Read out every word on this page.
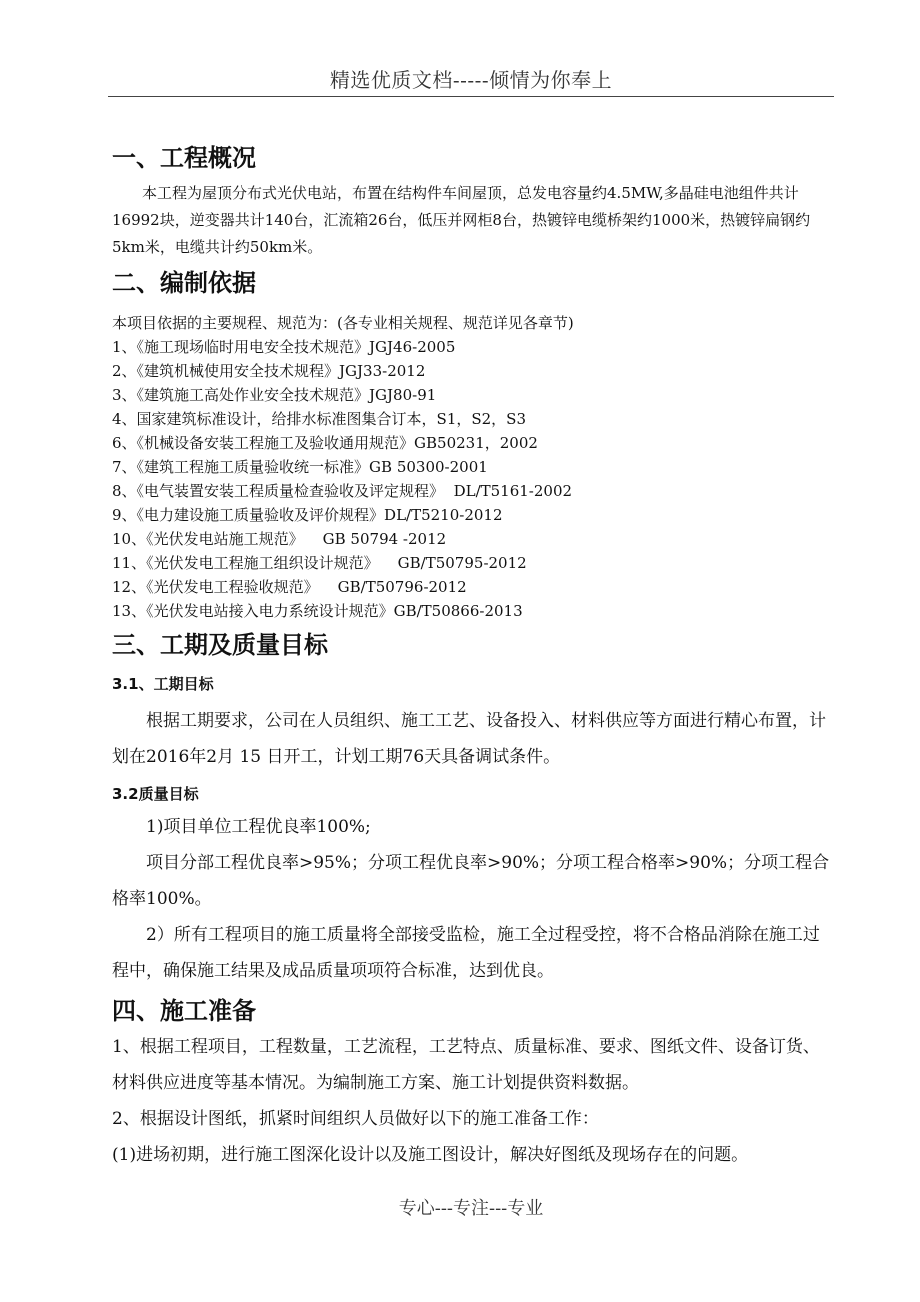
精选优质文档-----倾情为你奉上
一、工程概况

本工程为屋顶分布式光伏电站，布置在结构件车间屋顶，总发电容量约4.5MW,多晶硅电池组件共计16992块，逆变器共计140台，汇流箱26台，低压并网柜8台，热镀锌电缆桥架约1000米，热镀锌扁钢约5km米，电缆共计约50km米。

二、编制依据

本项目依据的主要规程、规范为：(各专业相关规程、规范详见各章节)

1、《施工现场临时用电安全技术规范》JGJ46-2005

2、《建筑机械使用安全技术规程》JGJ33-2012

3、《建筑施工高处作业安全技术规范》JGJ80-91

4、国家建筑标准设计，给排水标准图集合订本，S1，S2，S3

6、《机械设备安装工程施工及验收通用规范》GB50231，2002

7、《建筑工程施工质量验收统一标准》GB 50300-2001

8、《电气装置安装工程质量检查验收及评定规程》  DL/T5161-2002

9、《电力建设施工质量验收及评价规程》DL/T5210-2012

10、《光伏发电站施工规范》    GB 50794 -2012

11、《光伏发电工程施工组织设计规范》    GB/T50795-2012

12、《光伏发电工程验收规范》    GB/T50796-2012

13、《光伏发电站接入电力系统设计规范》GB/T50866-2013

三、工期及质量目标
3.1、工期目标

根据工期要求，公司在人员组织、施工工艺、设备投入、材料供应等方面进行精心布置，计划在2016年2月 15 日开工，计划工期76天具备调试条件。

3.2质量目标

1)项目单位工程优良率100%;

项目分部工程优良率>95%；分项工程优良率>90%；分项工程合格率>90%；分项工程合格率100%。

2）所有工程项目的施工质量将全部接受监检，施工全过程受控，将不合格品消除在施工过程中，确保施工结果及成品质量项项符合标准，达到优良。

四、施工准备

1、根据工程项目，工程数量，工艺流程，工艺特点、质量标准、要求、图纸文件、设备订货、材料供应进度等基本情况。为编制施工方案、施工计划提供资料数据。

2、根据设计图纸，抓紧时间组织人员做好以下的施工准备工作：

(1)进场初期，进行施工图深化设计以及施工图设计，解决好图纸及现场存在的问题。

专心---专注---专业
